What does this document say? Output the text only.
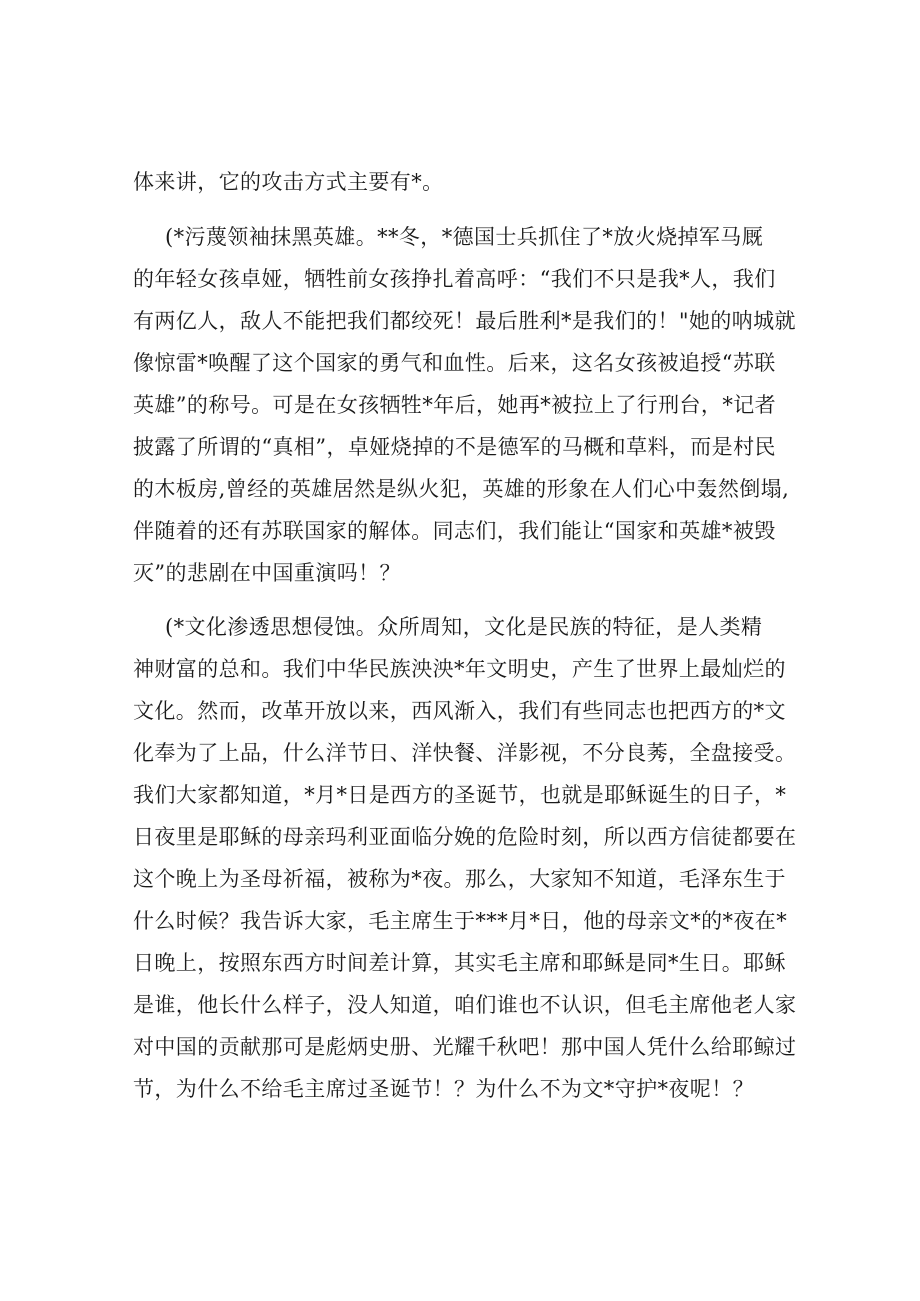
体来讲，它的攻击方式主要有*。
(*污蔑领袖抹黑英雄。**冬，*德国士兵抓住了*放火烧掉军马厩
的年轻女孩卓娅，牺牲前女孩挣扎着高呼：“我们不只是我*人，我们
有两亿人，敌人不能把我们都绞死！最后胜利*是我们的！"她的呐城就
像惊雷*唤醒了这个国家的勇气和血性。后来，这名女孩被追授“苏联
英雄”的称号。可是在女孩牺牲*年后，她再*被拉上了行刑台，*记者
披露了所谓的“真相”，卓娅烧掉的不是德军的马概和草料，而是村民
的木板房,曾经的英雄居然是纵火犯，英雄的形象在人们心中轰然倒塌,
伴随着的还有苏联国家的解体。同志们，我们能让“国家和英雄*被毁
灭”的悲剧在中国重演吗！？
(*文化渗透思想侵蚀。众所周知，文化是民族的特征，是人类精
神财富的总和。我们中华民族泱泱*年文明史，产生了世界上最灿烂的
文化。然而，改革开放以来，西风渐入，我们有些同志也把西方的*文
化奉为了上品，什么洋节日、洋快餐、洋影视，不分良莠，全盘接受。
我们大家都知道，*月*日是西方的圣诞节，也就是耶稣诞生的日子，*
日夜里是耶稣的母亲玛利亚面临分娩的危险时刻，所以西方信徒都要在
这个晚上为圣母祈福，被称为*夜。那么，大家知不知道，毛泽东生于
什么时候？我告诉大家，毛主席生于***月*日，他的母亲文*的*夜在*
日晚上，按照东西方时间差计算，其实毛主席和耶稣是同*生日。耶稣
是谁，他长什么样子，没人知道，咱们谁也不认识，但毛主席他老人家
对中国的贡献那可是彪炳史册、光耀千秋吧！那中国人凭什么给耶鲸过
节，为什么不给毛主席过圣诞节！？为什么不为文*守护*夜呢！？
